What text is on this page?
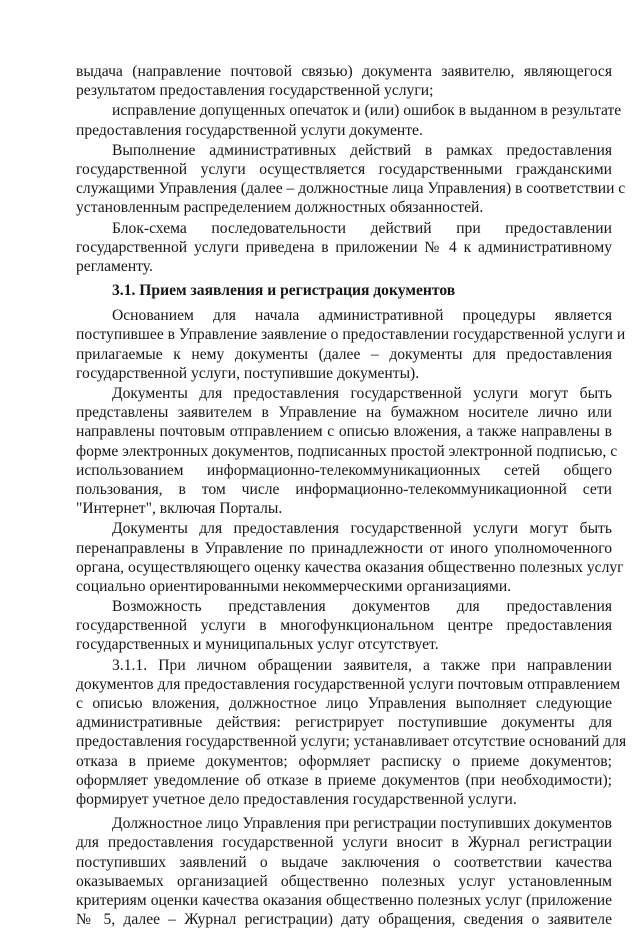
выдача (направление почтовой связью) документа заявителю, являющегося
результатом предоставления государственной услуги;
исправление допущенных опечаток и (или) ошибок в выданном в результате
предоставления государственной услуги документе.
Выполнение административных действий в рамках предоставления
государственной услуги осуществляется государственными гражданскими
служащими Управления (далее – должностные лица Управления) в соответствии с
установленным распределением должностных обязанностей.
Блок-схема последовательности действий при предоставлении
государственной услуги приведена в приложении № 4 к административному
регламенту.
3.1. Прием заявления и регистрация документов
Основанием для начала административной процедуры является
поступившее в Управление заявление о предоставлении государственной услуги и
прилагаемые к нему документы (далее – документы для предоставления
государственной услуги, поступившие документы).
Документы для предоставления государственной услуги могут быть
представлены заявителем в Управление на бумажном носителе лично или
направлены почтовым отправлением с описью вложения, а также направлены в
форме электронных документов, подписанных простой электронной подписью, с
использованием информационно-телекоммуникационных сетей общего
пользования, в том числе информационно-телекоммуникационной сети
"Интернет", включая Порталы.
Документы для предоставления государственной услуги могут быть
перенаправлены в Управление по принадлежности от иного уполномоченного
органа, осуществляющего оценку качества оказания общественно полезных услуг
социально ориентированными некоммерческими организациями.
Возможность представления документов для предоставления
государственной услуги в многофункциональном центре предоставления
государственных и муниципальных услуг отсутствует.
3.1.1. При личном обращении заявителя, а также при направлении
документов для предоставления государственной услуги почтовым отправлением
с описью вложения, должностное лицо Управления выполняет следующие
административные действия: регистрирует поступившие документы для
предоставления государственной услуги; устанавливает отсутствие оснований для
отказа в приеме документов; оформляет расписку о приеме документов;
оформляет уведомление об отказе в приеме документов (при необходимости);
формирует учетное дело предоставления государственной услуги.
Должностное лицо Управления при регистрации поступивших документов
для предоставления государственной услуги вносит в Журнал регистрации
поступивших заявлений о выдаче заключения о соответствии качества
оказываемых организацией общественно полезных услуг установленным
критериям оценки качества оказания общественно полезных услуг (приложение
№ 5, далее – Журнал регистрации) дату обращения, сведения о заявителе
